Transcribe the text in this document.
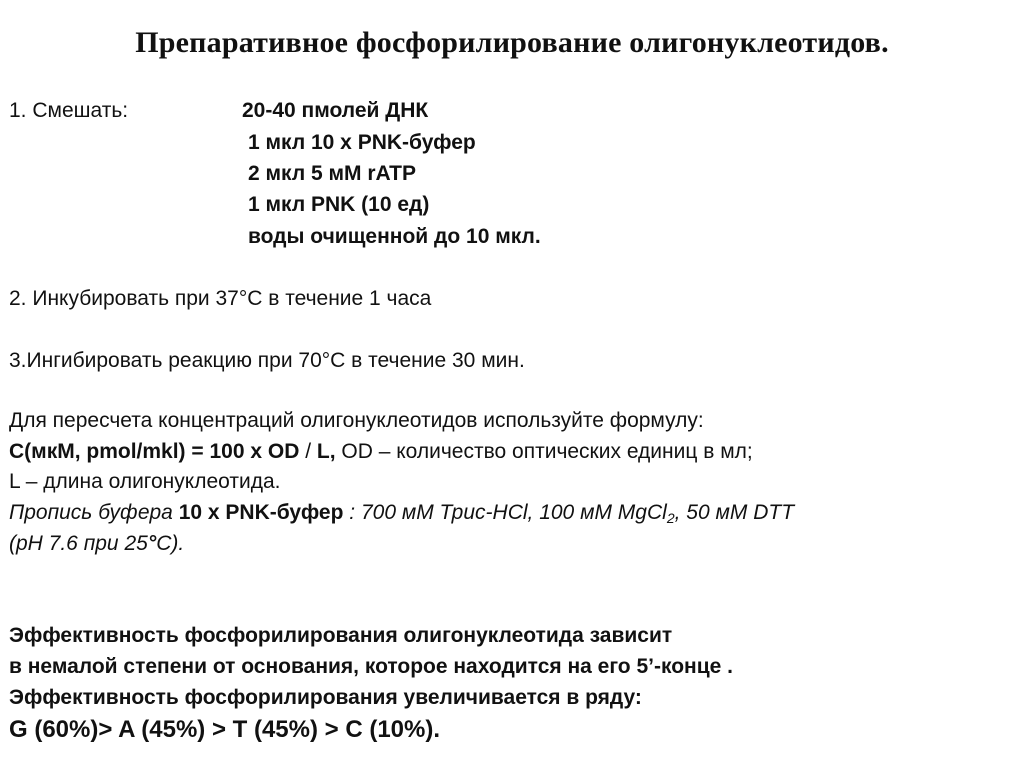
Препаративное фосфорилирование олигонуклеотидов.
1. Смешать:	20-40 пмолей ДНК
1 мкл 10 х PNK-буфер
2 мкл 5 мМ rATP
1 мкл PNK (10 ед)
воды очищенной до 10 мкл.
2. Инкубировать при 37°С в течение 1 часа
3.Ингибировать реакцию при 70°С в течение 30 мин.
Для пересчета концентраций олигонуклеотидов используйте формулу:
С(мкМ, pmol/mkl) = 100 x OD / L, OD – количество оптических единиц в мл;
L – длина олигонуклеотида.
Пропись буфера 10 х PNK-буфер : 700 мМ Трис-HCl, 100 мМ MgCl$_2$, 50 мМ DTT
(pH 7.6 при 25°С).
Эффективность фосфорилирования олигонуклеотида зависит
в немалой степени от основания, которое находится на его 5’-конце .
Эффективность фосфорилирования увеличивается в ряду:
G (60%)> A (45%) > T (45%) > C (10%).
